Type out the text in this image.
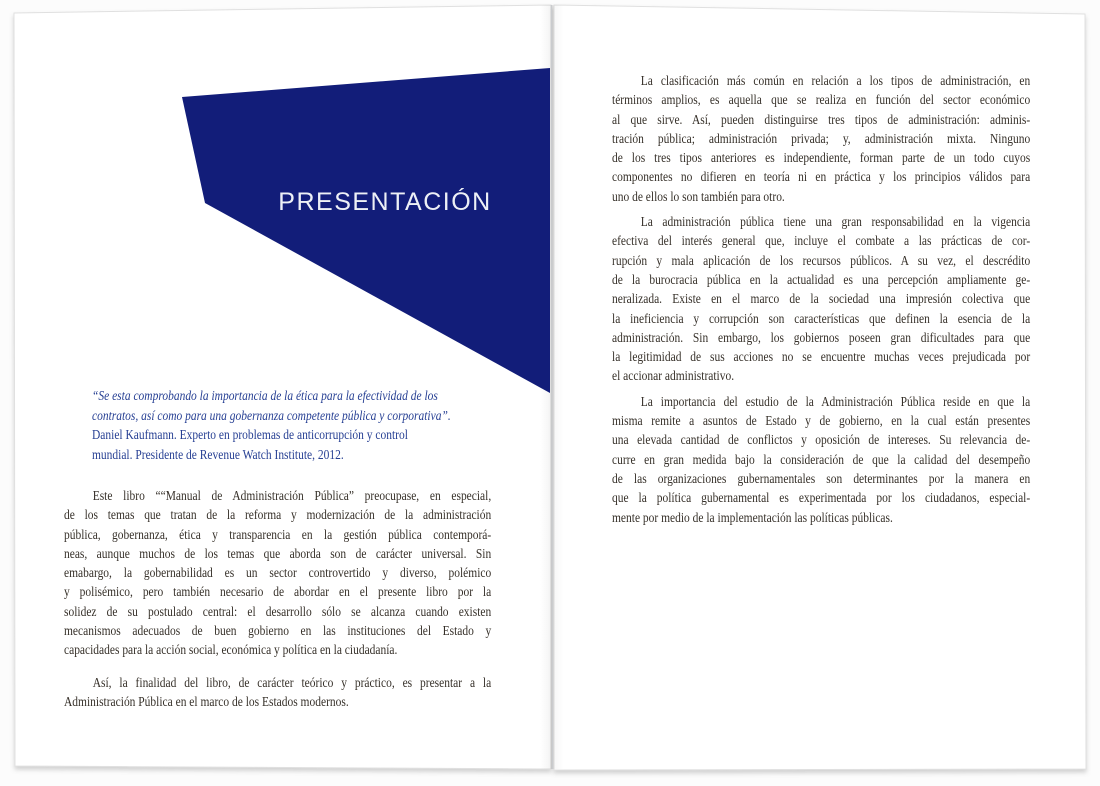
PRESENTACIÓN
“Se esta comprobando la importancia de la ética para la efectividad de los
contratos, así como para una gobernanza competente pública y corporativa”.
Daniel Kaufmann. Experto en problemas de anticorrupción y control
mundial. Presidente de Revenue Watch Institute, 2012.
Este libro ““Manual de Administración Pública” preocupase, en especial,
de los temas que tratan de la reforma y modernización de la administración
pública, gobernanza, ética y transparencia en la gestión pública contemporá-
neas, aunque muchos de los temas que aborda son de carácter universal. Sin
emabargo, la gobernabilidad es un sector controvertido y diverso, polémico
y polisémico, pero también necesario de abordar en el presente libro por la
solidez de su postulado central: el desarrollo sólo se alcanza cuando existen
mecanismos adecuados de buen gobierno en las instituciones del Estado y
capacidades para la acción social, económica y política en la ciudadanía.
Así, la finalidad del libro, de carácter teórico y práctico, es presentar a la
Administración Pública en el marco de los Estados modernos.
La clasificación más común en relación a los tipos de administración, en
términos amplios, es aquella que se realiza en función del sector económico
al que sirve. Así, pueden distinguirse tres tipos de administración: adminis-
tración pública; administración privada; y, administración mixta. Ninguno
de los tres tipos anteriores es independiente, forman parte de un todo cuyos
componentes no difieren en teoría ni en práctica y los principios válidos para
uno de ellos lo son también para otro.
La administración pública tiene una gran responsabilidad en la vigencia
efectiva del interés general que, incluye el combate a las prácticas de cor-
rupción y mala aplicación de los recursos públicos. A su vez, el descrédito
de la burocracia pública en la actualidad es una percepción ampliamente ge-
neralizada. Existe en el marco de la sociedad una impresión colectiva que
la ineficiencia y corrupción son características que definen la esencia de la
administración. Sin embargo, los gobiernos poseen gran dificultades para que
la legitimidad de sus acciones no se encuentre muchas veces prejudicada por
el accionar administrativo.
La importancia del estudio de la Administración Pública reside en que la
misma remite a asuntos de Estado y de gobierno, en la cual están presentes
una elevada cantidad de conflictos y oposición de intereses. Su relevancia de-
curre en gran medida bajo la consideración de que la calidad del desempeño
de las organizaciones gubernamentales son determinantes por la manera en
que la política gubernamental es experimentada por los ciudadanos, especial-
mente por medio de la implementación las políticas públicas.
